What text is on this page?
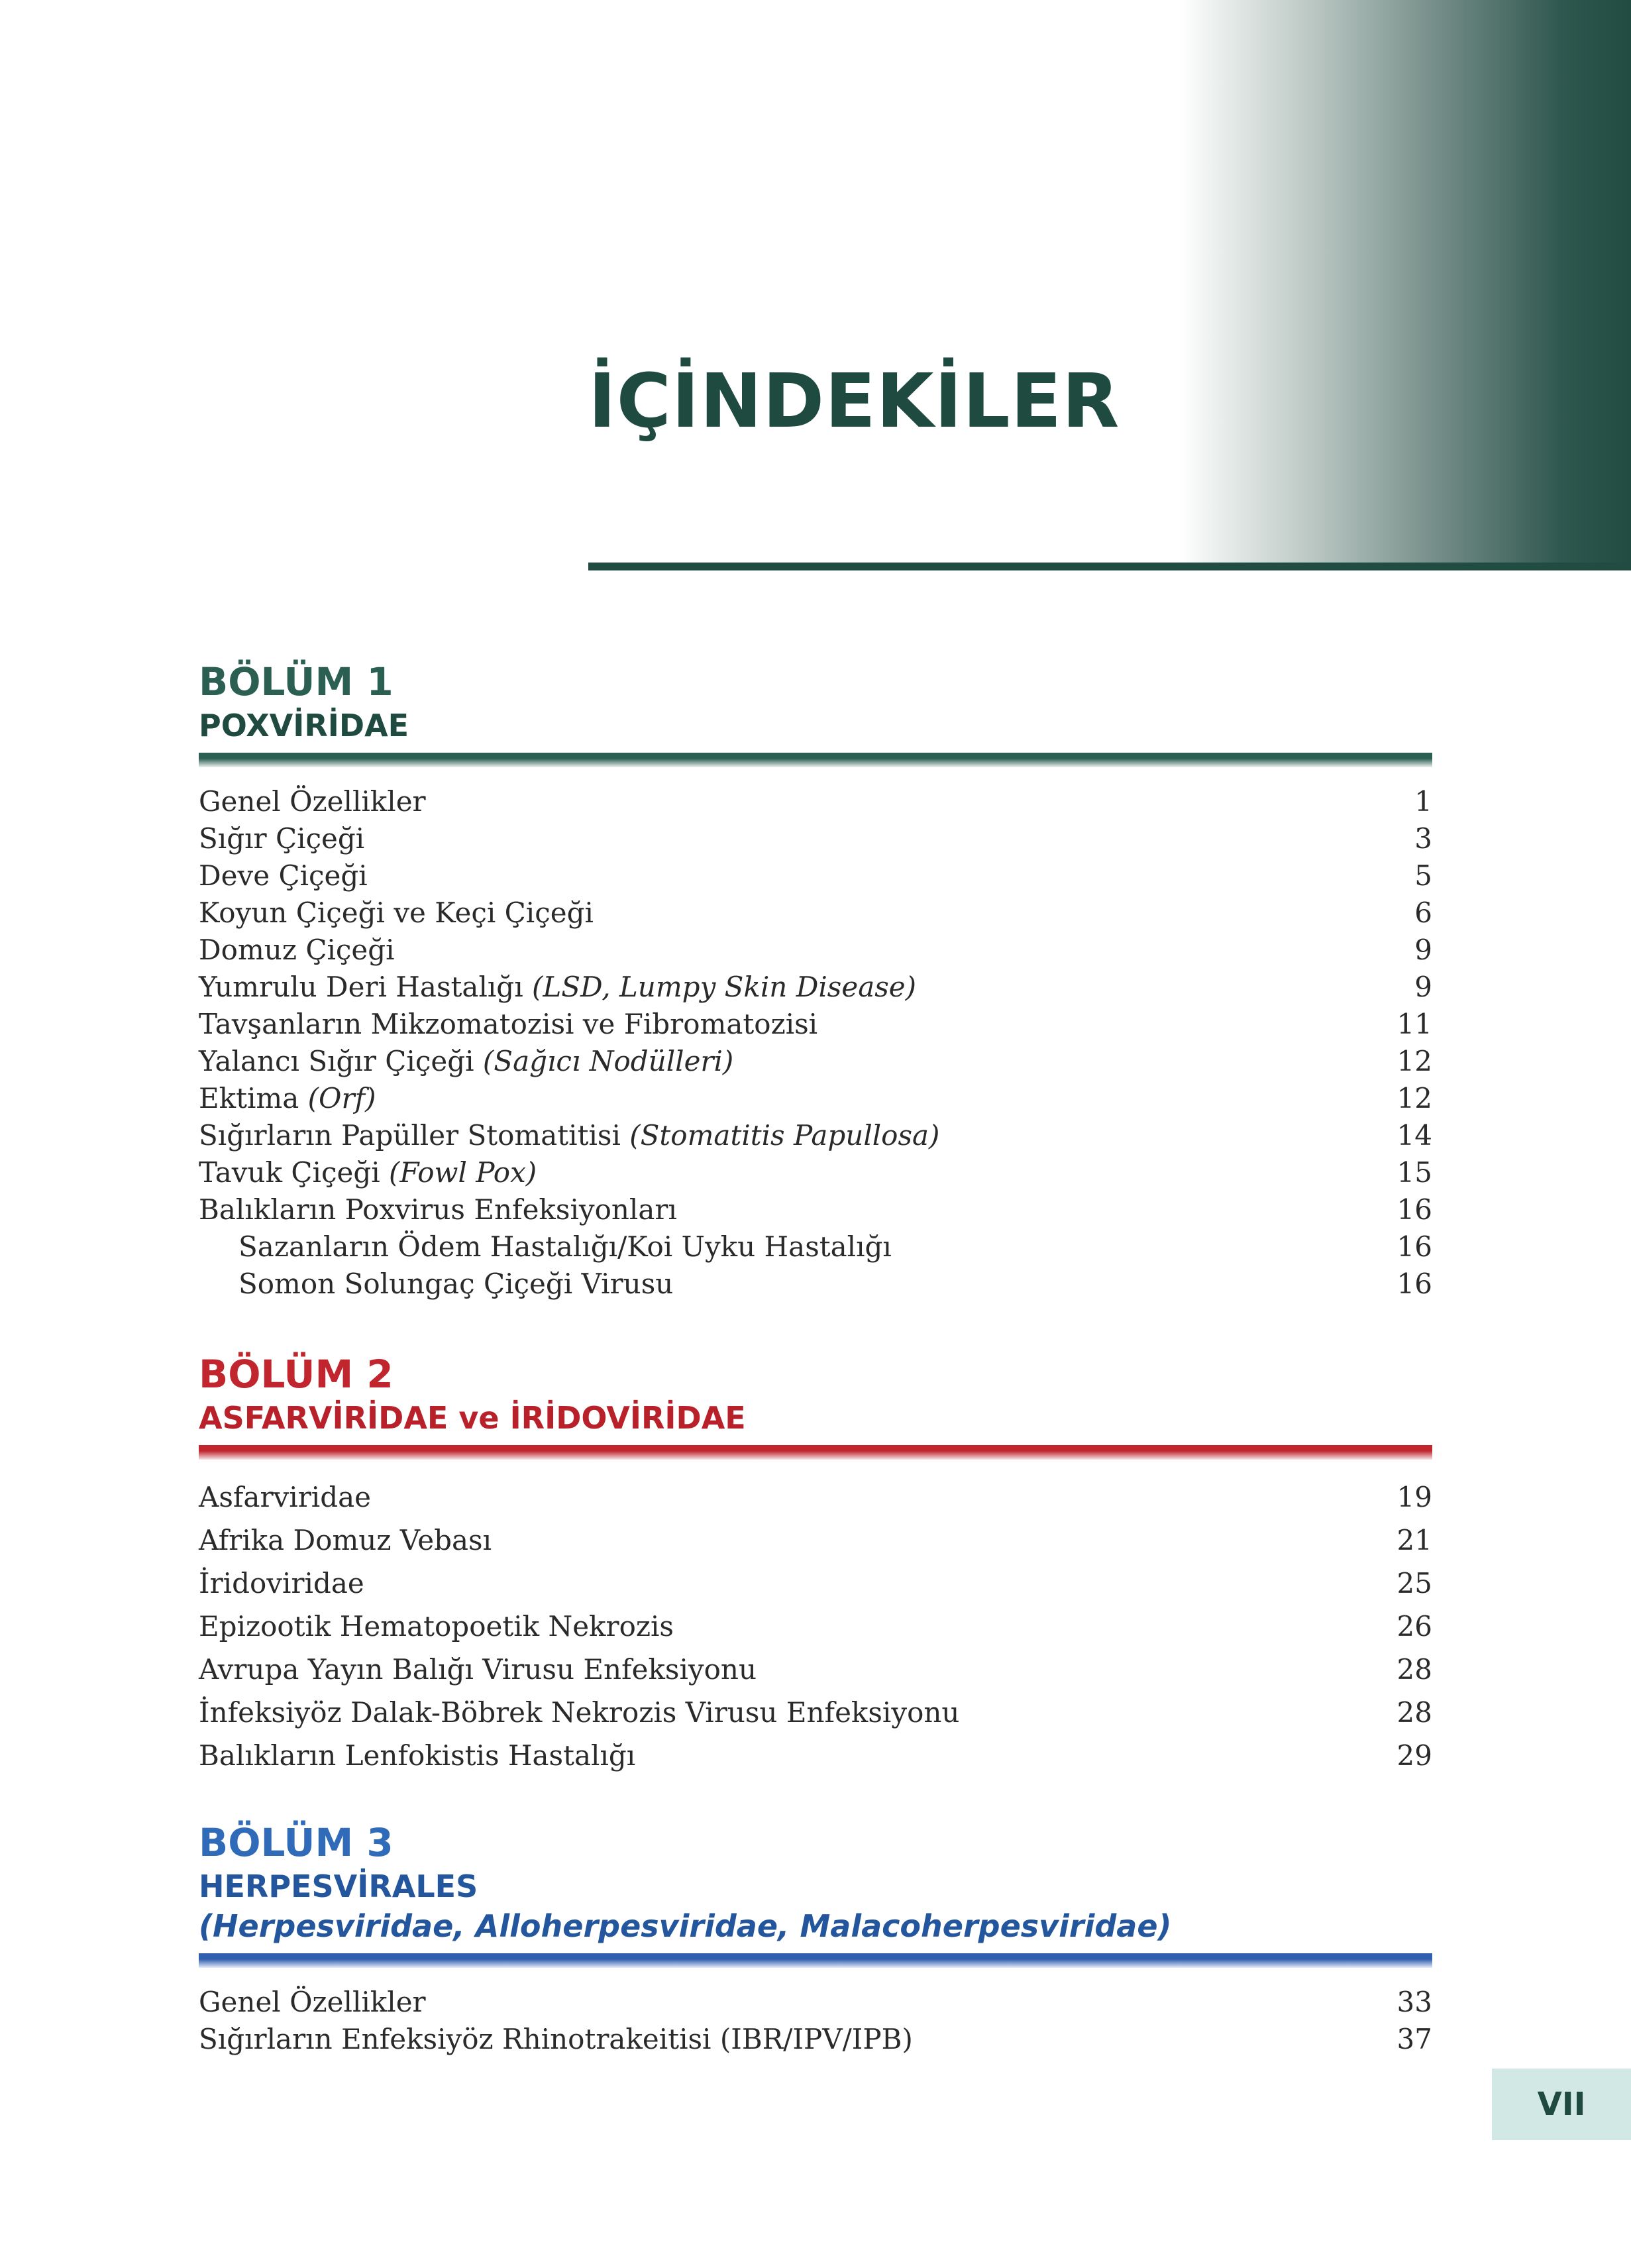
İÇİNDEKİLER
BÖLÜM 1
POXVİRİDAE
Genel Özellikler	1
Sığır Çiçeği	3
Deve Çiçeği	5
Koyun Çiçeği ve Keçi Çiçeği	6
Domuz Çiçeği	9
Yumrulu Deri Hastalığı (LSD, Lumpy Skin Disease)	9
Tavşanların Mikzomatozisi ve Fibromatozisi	11
Yalancı Sığır Çiçeği (Sağıcı Nodülleri)	12
Ektima (Orf)	12
Sığırların Papüller Stomatitisi (Stomatitis Papullosa)	14
Tavuk Çiçeği (Fowl Pox)	15
Balıkların Poxvirus Enfeksiyonları	16
Sazanların Ödem Hastalığı/Koi Uyku Hastalığı	16
Somon Solungaç Çiçeği Virusu	16
BÖLÜM 2
ASFARVİRİDAE ve İRİDOVİRİDAE
Asfarviridae	19
Afrika Domuz Vebası	21
İridoviridae	25
Epizootik Hematopoetik Nekrozis	26
Avrupa Yayın Balığı Virusu Enfeksiyonu	28
İnfeksiyöz Dalak-Böbrek Nekrozis Virusu Enfeksiyonu	28
Balıkların Lenfokistis Hastalığı	29
BÖLÜM 3
HERPESVİRALES
(Herpesviridae, Alloherpesviridae, Malacoherpesviridae)
Genel Özellikler	33
Sığırların Enfeksiyöz Rhinotrakeitisi (IBR/IPV/IPB)	37
VII
